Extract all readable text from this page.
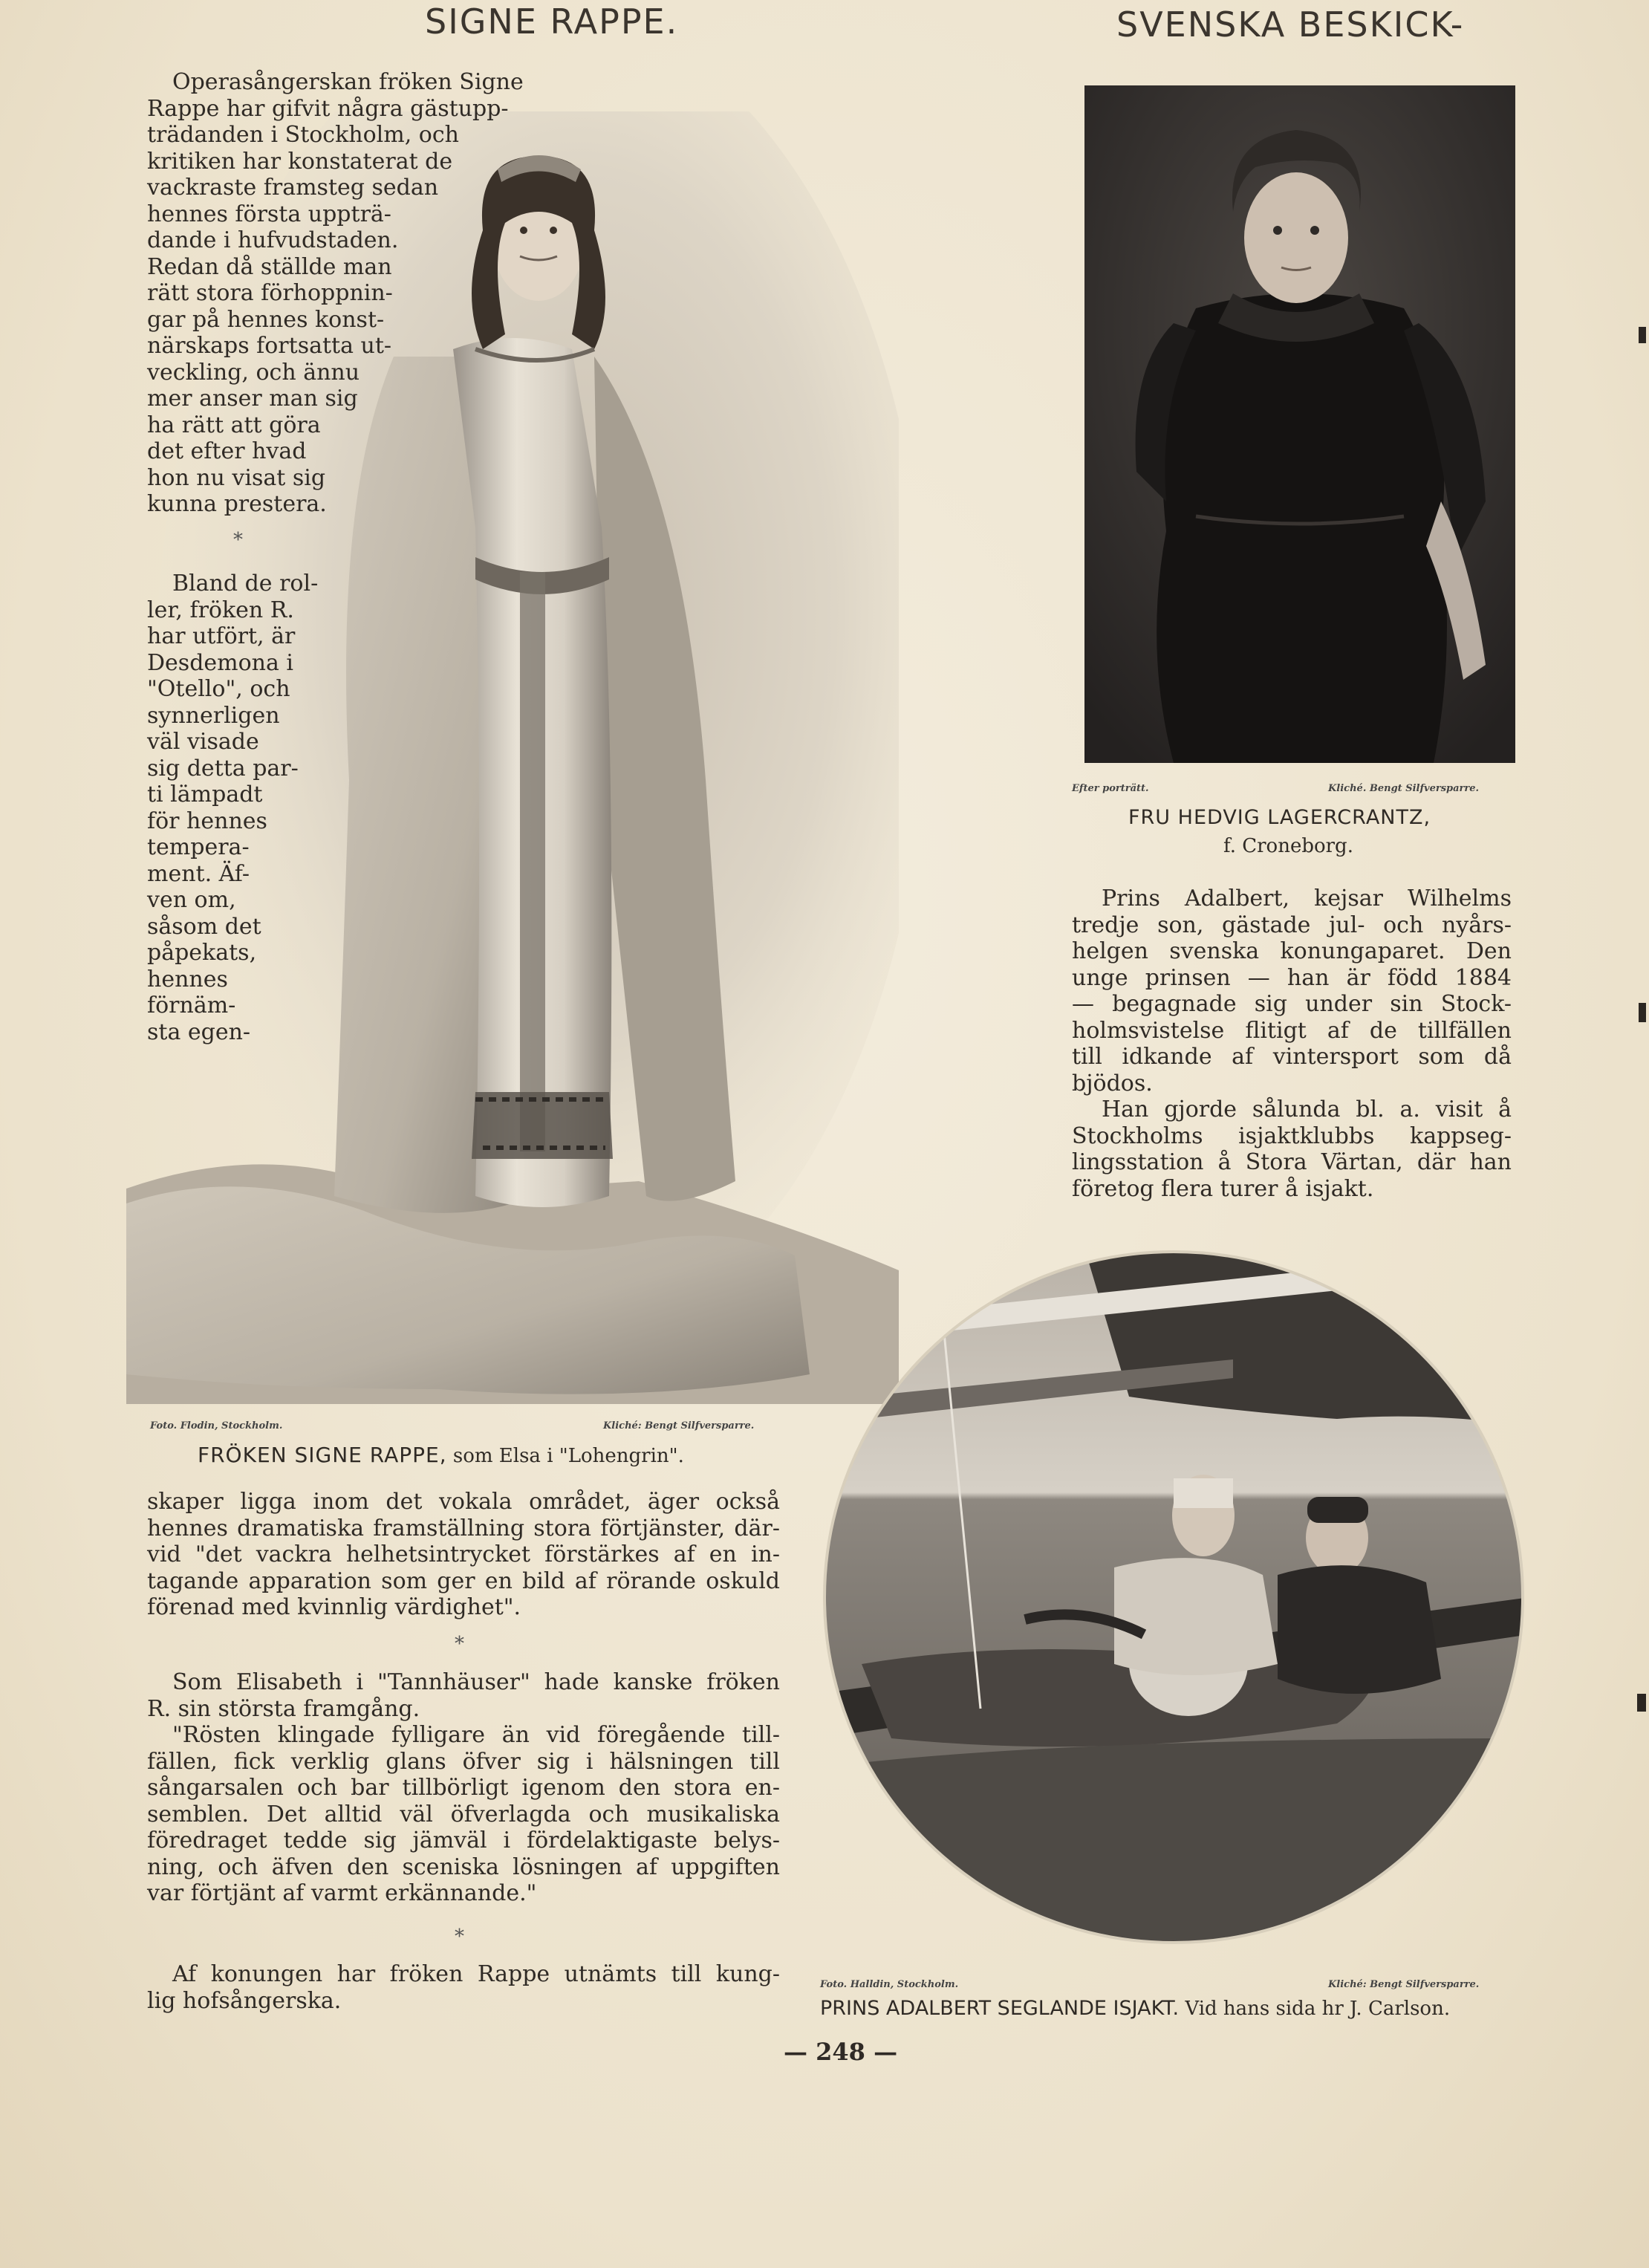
SIGNE RAPPE.	SVENSKA BESKICK-

Operasångerskan fröken Signe
Rappe har gifvit några gästupp-
trädanden i Stockholm, och
kritiken har konstaterat de
vackraste framsteg sedan
hennes första uppträ-
dande i hufvudstaden.
Redan då ställde man
rätt stora förhoppnin-
gar på hennes konst-
närskaps fortsatta ut-
veckling, och ännu
mer anser man sig
ha rätt att göra
det efter hvad
hon nu visat sig
kunna prestera.

*

Bland de rol-
ler, fröken R.
har utfört, är
Desdemona i
"Otello", och
synnerligen
väl visade
sig detta par-
ti lämpadt
för hennes
tempera-
ment. Äf-
ven om,
såsom det
påpekats,
hennes
förnäm-
sta egen-

Foto. Flodin, Stockholm.	Kliché: Bengt Silfversparre.
FRÖKEN SIGNE RAPPE, som Elsa i "Lohengrin".

skaper ligga inom det vokala området, äger också
hennes dramatiska framställning stora förtjänster, där-
vid "det vackra helhetsintrycket förstärkes af en in-
tagande apparation som ger en bild af rörande oskuld
förenad med kvinnlig värdighet".

*

Som Elisabeth i "Tannhäuser" hade kanske fröken
R. sin största framgång.
"Rösten klingade fylligare än vid föregående till-
fällen, fick verklig glans öfver sig i hälsningen till
sångarsalen och bar tillbörligt igenom den stora en-
semblen. Det alltid väl öfverlagda och musikaliska
föredraget tedde sig jämväl i fördelaktigaste belys-
ning, och äfven den sceniska lösningen af uppgiften
var förtjänt af varmt erkännande."

*

Af konungen har fröken Rappe utnämts till kung-
lig hofsångerska.

Efter porträtt.	Kliché. Bengt Silfversparre.
FRU HEDVIG LAGERCRANTZ,
f. Croneborg.

Prins Adalbert, kejsar Wilhelms
tredje son, gästade jul- och nyårs-
helgen svenska konungaparet. Den
unge prinsen — han är född 1884
— begagnade sig under sin Stock-
holmsvistelse flitigt af de tillfällen
till idkande af vintersport som då
bjödos.

Han gjorde sålunda bl. a. visit å
Stockholms isjaktklubbs kappseg-
lingsstation å Stora Värtan, där han
företog flera turer å isjakt.

Foto. Halldin, Stockholm.	Kliché: Bengt Silfversparre.
PRINS ADALBERT SEGLANDE ISJAKT. Vid hans sida hr J. Carlson.
— 248 —
